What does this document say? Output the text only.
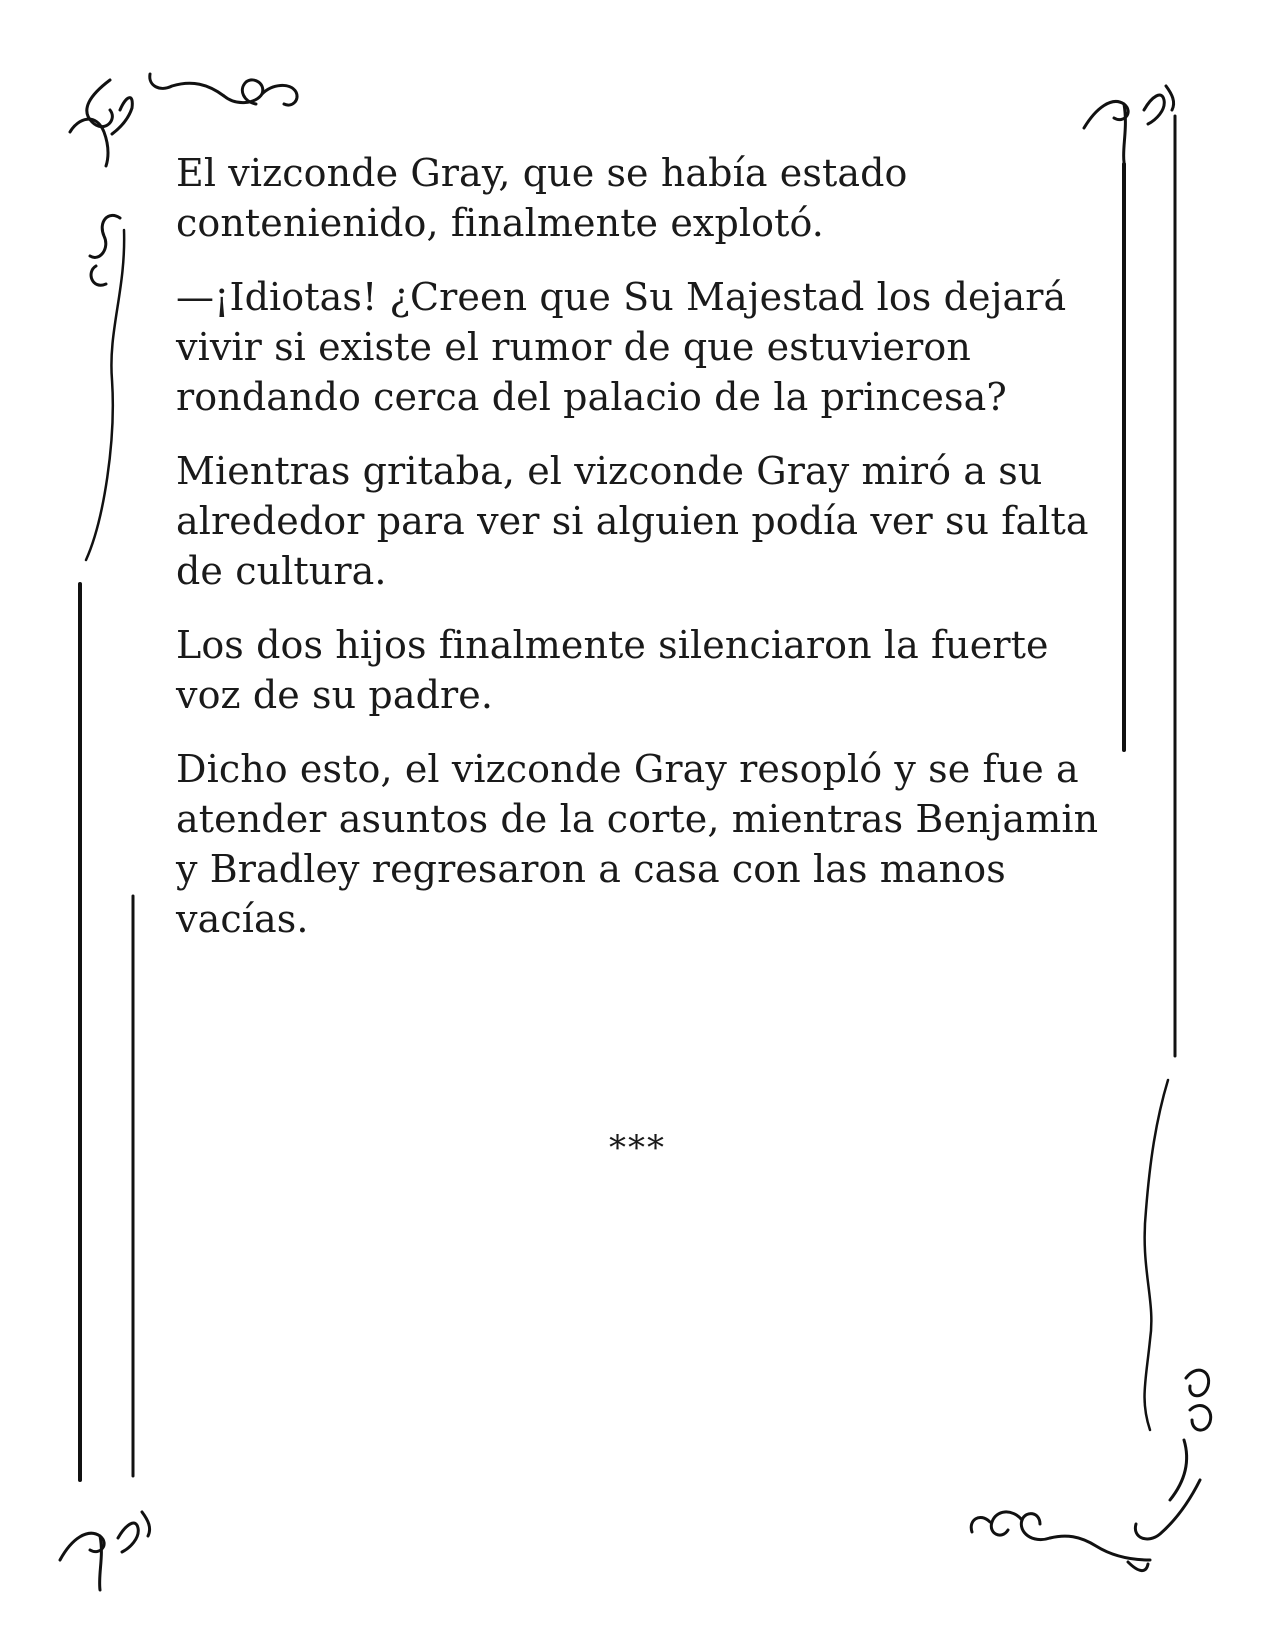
El vizconde Gray, que se había estado contenienido, finalmente explotó.

—¡Idiotas! ¿Creen que Su Majestad los dejará vivir si existe el rumor de que estuvieron rondando cerca del palacio de la princesa?

Mientras gritaba, el vizconde Gray miró a su alrededor para ver si alguien podía ver su falta de cultura.

Los dos hijos finalmente silenciaron la fuerte voz de su padre.

Dicho esto, el vizconde Gray resopló y se fue a atender asuntos de la corte, mientras Benjamin y Bradley regresaron a casa con las manos vacías.

***
